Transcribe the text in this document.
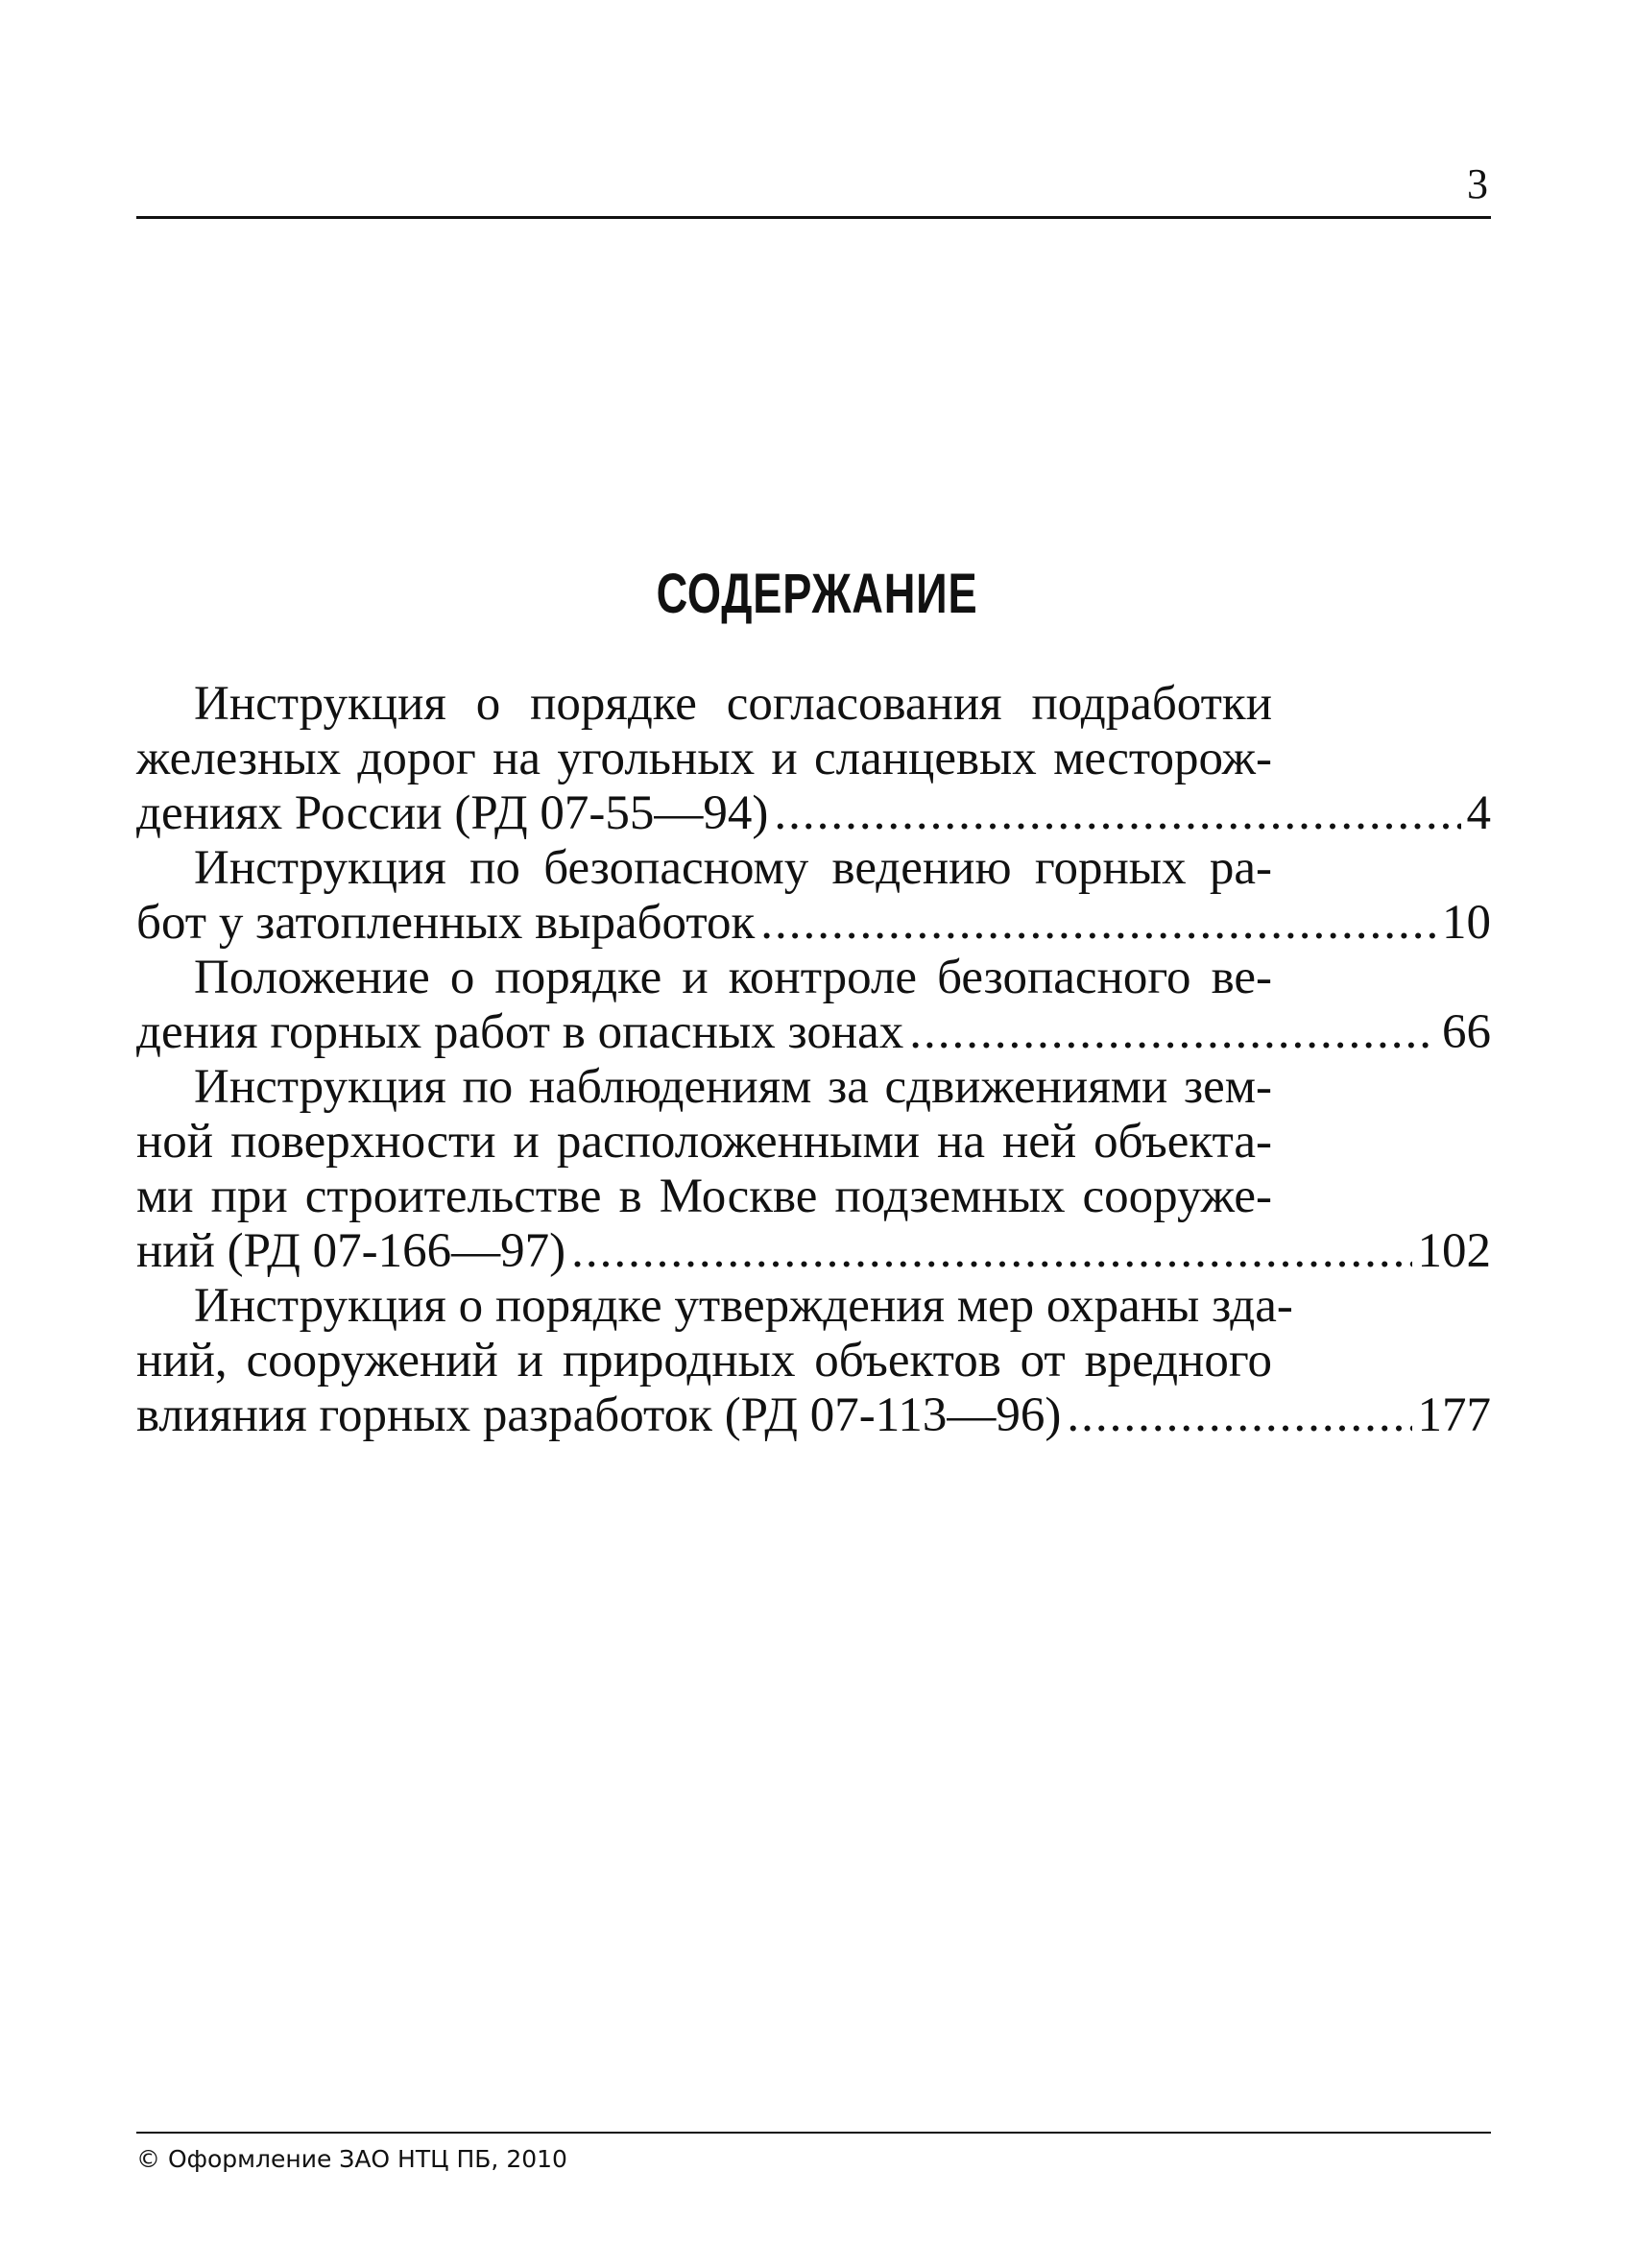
3
СОДЕРЖАНИЕ
Инструкция о порядке согласования подработки
железных дорог на угольных и сланцевых месторож-
дениях России (РД 07-55—94) .....	4
Инструкция по безопасному ведению горных ра-
бот у затопленных выработок .....	10
Положение о порядке и контроле безопасного ве-
дения горных работ в опасных зонах .....	66
Инструкция по наблюдениям за сдвижениями зем-
ной поверхности и расположенными на ней объекта-
ми при строительстве в Москве подземных сооруже-
ний (РД 07-166—97) .....	102
Инструкция о порядке утверждения мер охраны зда-
ний, сооружений и природных объектов от вредного
влияния горных разработок (РД 07-113—96) .....	177
© Оформление ЗАО НТЦ ПБ, 2010
